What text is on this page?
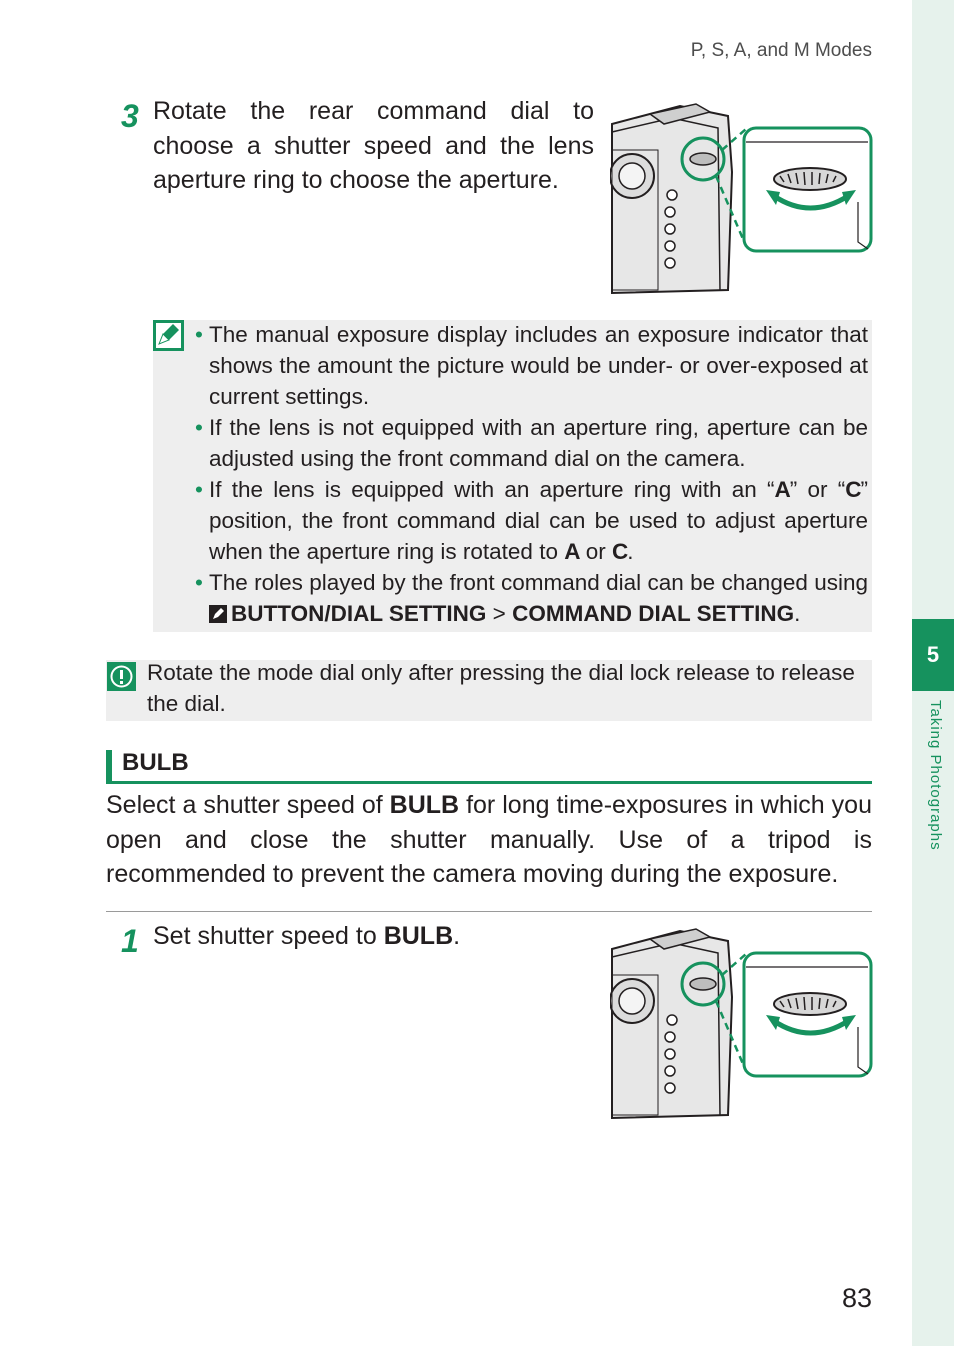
P, S, A, and M Modes
5
Taking Photographs
3 Rotate the rear command dial to choose a shutter speed and the lens aperture ring to choose the aperture.
• The manual exposure display includes an exposure indicator that shows the amount the picture would be under- or over-exposed at current settings.
• If the lens is not equipped with an aperture ring, aperture can be adjusted using the front command dial on the camera.
• If the lens is equipped with an aperture ring with an “A” or “C” position, the front command dial can be used to adjust aperture when the aperture ring is rotated to A or C.
• The roles played by the front command dial can be changed using BUTTON/DIAL SETTING > COMMAND DIAL SETTING.
Rotate the mode dial only after pressing the dial lock release to release the dial.
BULB
Select a shutter speed of BULB for long time-exposures in which you open and close the shutter manually. Use of a tripod is recommended to prevent the camera moving during the exposure.
1 Set shutter speed to BULB.
83
